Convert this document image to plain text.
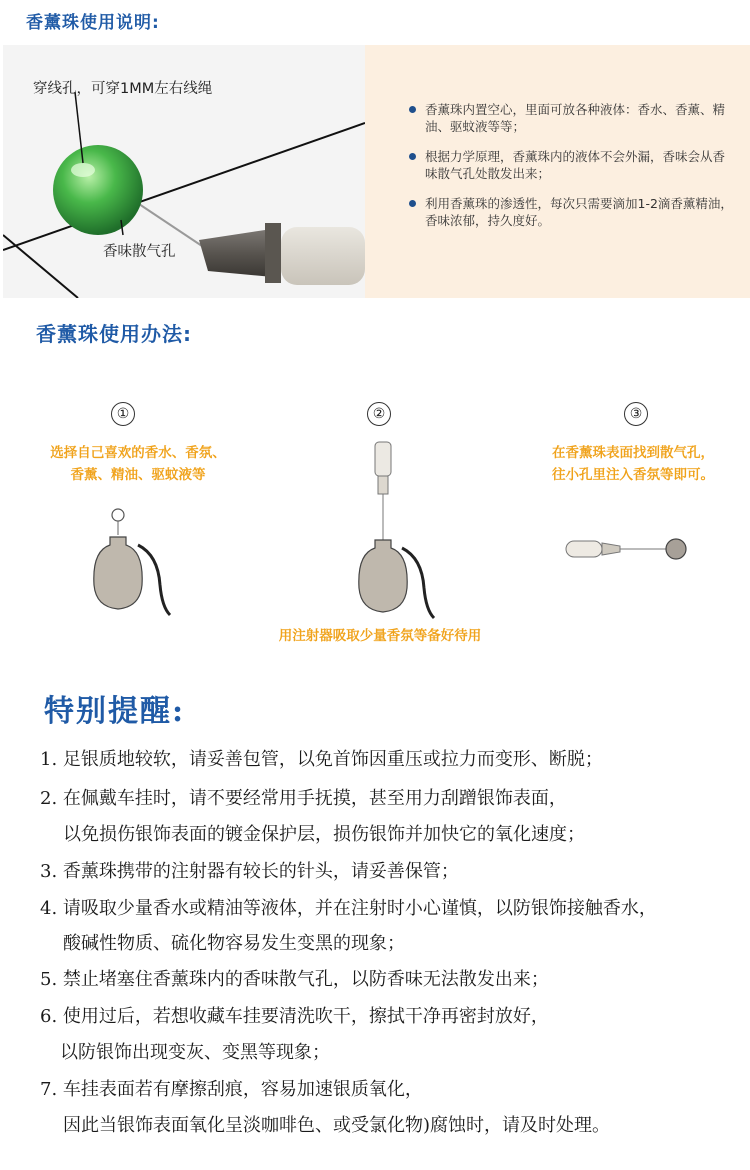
香薰珠使用说明:
穿线孔，可穿1MM左右线绳
香味散气孔
香薰珠内置空心，里面可放各种液体：香水、香薰、精油、驱蚊液等等；
根据力学原理，香薰珠内的液体不会外漏，香味会从香味散气孔处散发出来；
利用香薰珠的渗透性，每次只需要滴加1-2滴香薰精油，香味浓郁，持久度好。
香薰珠使用办法:
①
选择自己喜欢的香水、香氛、
香薰、精油、驱蚊液等
②
用注射器吸取少量香氛等备好待用
③
在香薰珠表面找到散气孔，
往小孔里注入香氛等即可。
特别提醒:
1. 足银质地较软，请妥善包管，以免首饰因重压或拉力而变形、断脱；
2. 在佩戴车挂时，请不要经常用手抚摸，甚至用力刮蹭银饰表面，
以免损伤银饰表面的镀金保护层，损伤银饰并加快它的氧化速度；
3. 香薰珠携带的注射器有较长的针头，请妥善保管；
4. 请吸取少量香水或精油等液体，并在注射时小心谨慎，以防银饰接触香水，
酸碱性物质、硫化物容易发生变黑的现象；
5. 禁止堵塞住香薰珠内的香味散气孔，以防香味无法散发出来；
6. 使用过后，若想收藏车挂要清洗吹干，擦拭干净再密封放好，
以防银饰出现变灰、变黑等现象；
7. 车挂表面若有摩擦刮痕，容易加速银质氧化，
因此当银饰表面氧化呈淡咖啡色、或受氯化物)腐蚀时，请及时处理。
